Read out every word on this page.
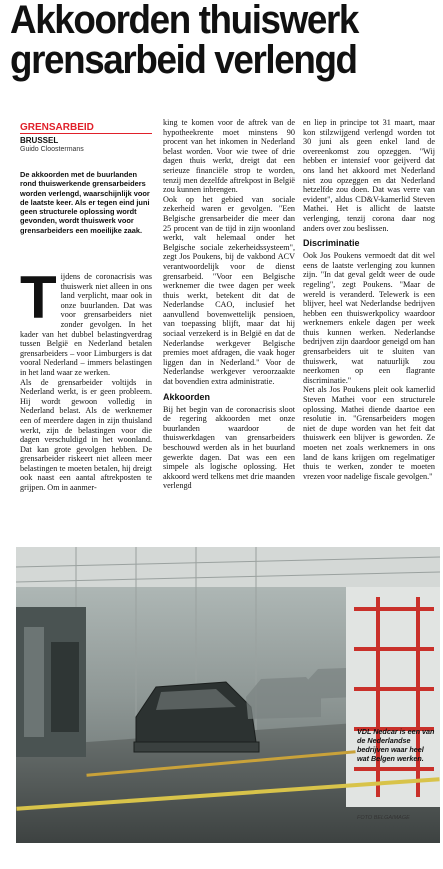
Akkoorden thuiswerk
grensarbeid verlengd
GRENSARBEID
BRUSSEL
Guido Cloostermans
De akkoorden met de buurlanden rond thuiswerkende grensarbeiders worden verlengd, waarschijnlijk voor de laatste keer. Als er tegen eind juni geen structurele oplossing wordt gevonden, wordt thuiswerk voor grensarbeiders een moeilijke zaak.
T ijdens de coronacrisis was thuiswerk niet alleen in ons land verplicht, maar ook in onze buurlanden. Dat was voor grensarbeiders niet zonder gevolgen. In het kader van het dubbel belastingverdrag tussen België en Nederland betalen grensarbeiders – voor Limburgers is dat vooral Nederland – immers belastingen in het land waar ze werken.

Als de grensarbeider voltijds in Nederland werkt, is er geen probleem. Hij wordt gewoon volledig in Nederland belast. Als de werknemer een of meerdere dagen in zijn thuisland werkt, zijn de belastingen voor die dagen verschuldigd in het woonland. Dat kan grote gevolgen hebben. De grensarbeider riskeert niet alleen meer belastingen te moeten betalen, hij dreigt ook naast een aantal aftrekposten te grijpen. Om in aanmer-

king te komen voor de aftrek van de hypotheekrente moet minstens 90 procent van het inkomen in Nederland belast worden. Voor wie twee of drie dagen thuis werkt, dreigt dat een serieuze financiële strop te worden, tenzij men dezelfde aftrekpost in België zou kunnen inbrengen.

Ook op het gebied van sociale zekerheid waren er gevolgen. "Een Belgische grensarbeider die meer dan 25 procent van de tijd in zijn woonland werkt, valt helemaal onder het Belgische sociale zekerheidssysteem", zegt Jos Poukens, bij de vakbond ACV verantwoordelijk voor de dienst grensarbeid. "Voor een Belgische werknemer die twee dagen per week thuis werkt, betekent dit dat de Nederlandse CAO, inclusief het aanvullend bovenwettelijk pensioen, van toepassing blijft, maar dat hij sociaal verzekerd is in België en dat de Nederlandse werkgever Belgische premies moet afdragen, die vaak hoger liggen dan in Nederland." Voor de Nederlandse werkgever veroorzaakte dat bovendien extra administratie.

Akkoorden

Bij het begin van de coronacrisis sloot de regering akkoorden met onze buurlanden waardoor de thuiswerkdagen van grensarbeiders beschouwd werden als in het buurland gewerkte dagen. Dat was een een simpele als logische oplossing. Het akkoord werd telkens met drie maanden verlengd

en liep in principe tot 31 maart, maar kon stilzwijgend verlengd worden tot 30 juni als geen enkel land de overeenkomst zou opzeggen. "Wij hebben er intensief voor geijverd dat ons land het akkoord met Nederland niet zou opzeggen en dat Nederland hetzelfde zou doen. Dat was verre van evident", aldus CD&V-kamerlid Steven Mathei. Het is allicht de laatste verlenging, tenzij corona daar nog anders over zou beslissen.

Discriminatie

Ook Jos Poukens vermoedt dat dit wel eens de laatste verlenging zou kunnen zijn. "In dat geval geldt weer de oude regeling", zegt Poukens. "Maar de wereld is veranderd. Telewerk is een blijver, heel wat Nederlandse bedrijven hebben een thuiswerkpolicy waardoor werknemers enkele dagen per week thuis kunnen werken. Nederlandse bedrijven zijn daardoor geneigd om han grensarbeiders uit te sluiten van thuiswerk, wat natuurlijk zou neerkomen op een flagrante discriminatie."

Net als Jos Poukens pleit ook kamerlid Steven Mathei voor een structurele oplossing. Mathei diende daartoe een resolutie in. "Grensarbeiders mogen niet de dupe worden van het feit dat thuiswerk een blijver is geworden. Ze moeten net zoals werknemers in ons land de kans krijgen om regelmatiger thuis te werken, zonder te moeten vrezen voor nadelige fiscale gevolgen."

VDL Nedcar is een van de Nederlandse bedrijven waar heel wat Belgen werken.
FOTO BELGAIMAGE
